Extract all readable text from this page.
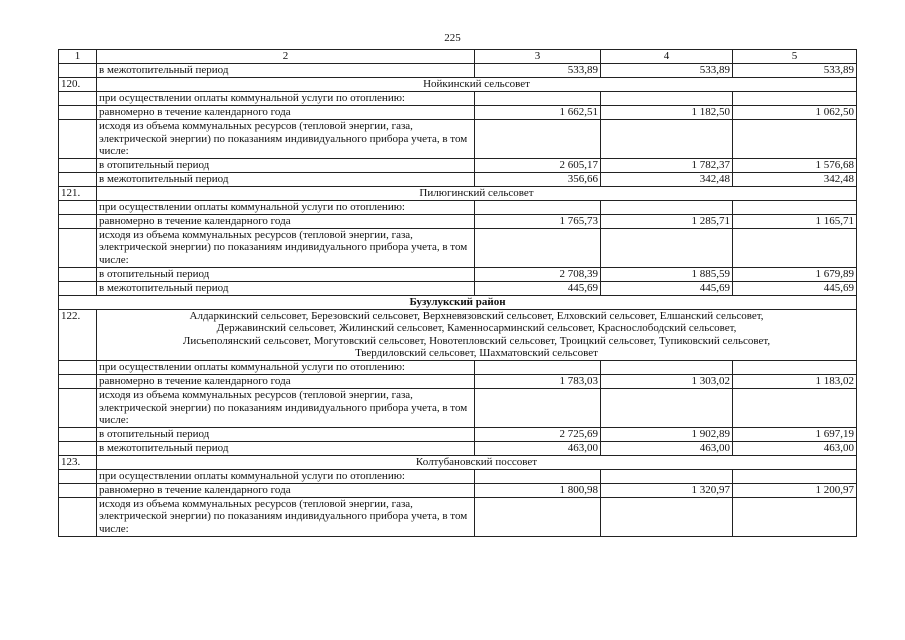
225
1	2	3	4	5
	в межотопительный период	533,89	533,89	533,89
120.	Нойкинский сельсовет			
	при осуществлении оплаты коммунальной услуги по отоплению:			
	равномерно в течение календарного года	1 662,51	1 182,50	1 062,50
	исходя из объема коммунальных ресурсов (тепловой энергии, газа, электрической энергии) по показаниям индивидуального прибора учета, в том числе:			
	в отопительный период	2 605,17	1 782,37	1 576,68
	в межотопительный период	356,66	342,48	342,48
121.	Пилюгинский сельсовет			
	при осуществлении оплаты коммунальной услуги по отоплению:			
	равномерно в течение календарного года	1 765,73	1 285,71	1 165,71
	исходя из объема коммунальных ресурсов (тепловой энергии, газа, электрической энергии) по показаниям индивидуального прибора учета, в том числе:			
	в отопительный период	2 708,39	1 885,59	1 679,89
	в межотопительный период	445,69	445,69	445,69
Бузулукский район				
122.	Алдаркинский сельсовет, Березовский сельсовет, Верхневязовский сельсовет, Елховский сельсовет, Елшанский сельсовет,
Державинский сельсовет, Жилинский сельсовет, Каменносарминский сельсовет, Краснослободский сельсовет,
Лисьеполянский сельсовет, Могутовский сельсовет, Новотепловский сельсовет, Троицкий сельсовет, Тупиковский сельсовет,
Твердиловский сельсовет, Шахматовский сельсовет			

	при осуществлении оплаты коммунальной услуги по отоплению:			
	равномерно в течение календарного года	1 783,03	1 303,02	1 183,02
	исходя из объема коммунальных ресурсов (тепловой энергии, газа, электрической энергии) по показаниям индивидуального прибора учета, в том числе:			
	в отопительный период	2 725,69	1 902,89	1 697,19
	в межотопительный период	463,00	463,00	463,00
123.	Колтубановский поссовет			
	при осуществлении оплаты коммунальной услуги по отоплению:			
	равномерно в течение календарного года	1 800,98	1 320,97	1 200,97
	исходя из объема коммунальных ресурсов (тепловой энергии, газа, электрической энергии) по показаниям индивидуального прибора учета, в том числе:			
